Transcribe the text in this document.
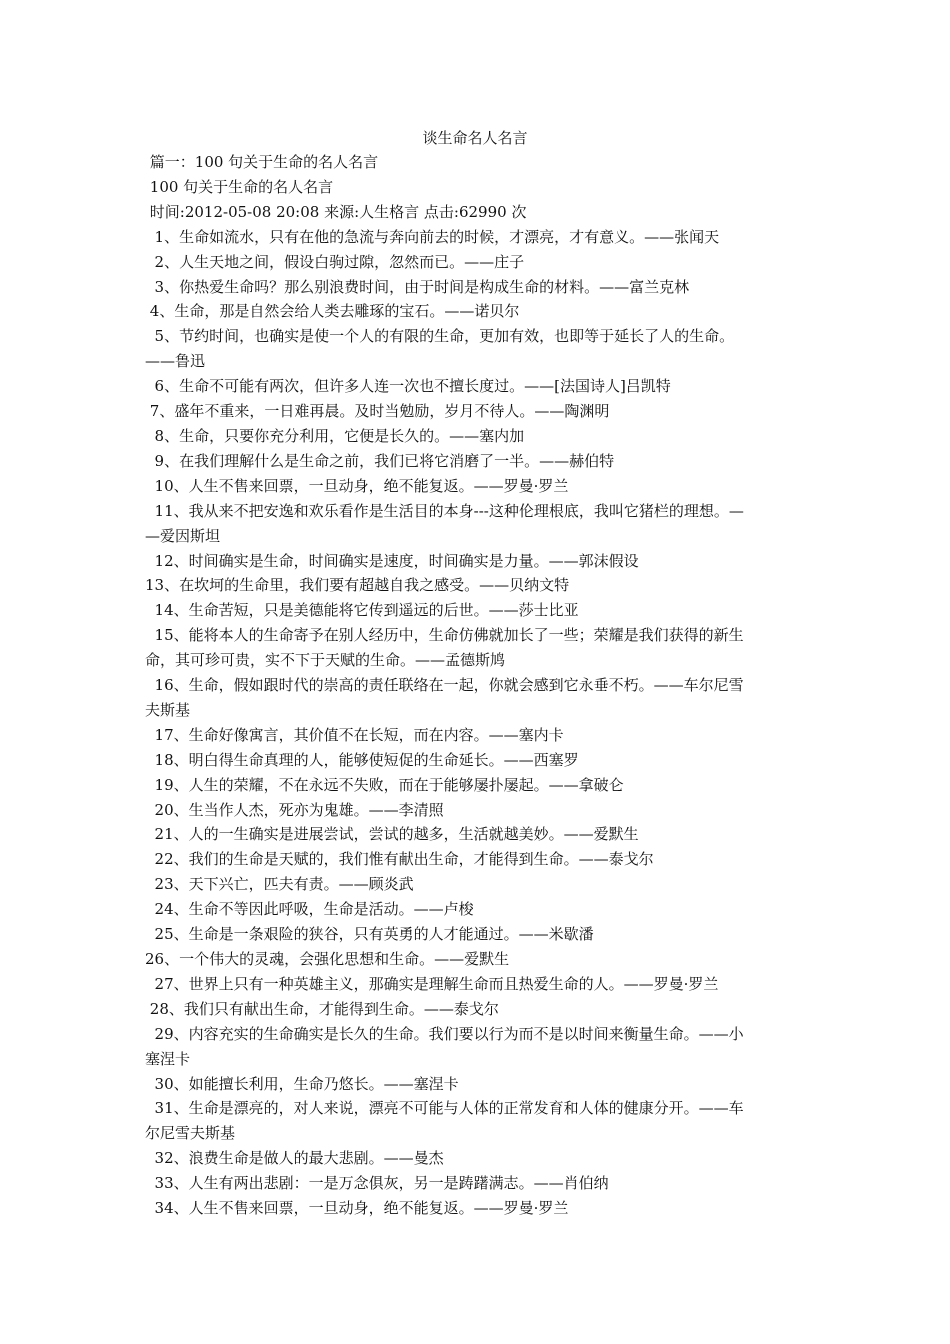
谈生命名人名言
篇一：100 句关于生命的名人名言
100 句关于生命的名人名言
时间:2012-05-08 20:08 来源:人生格言 点击:62990 次
1、生命如流水，只有在他的急流与奔向前去的时候，才漂亮，才有意义。——张闻天
2、人生天地之间，假设白驹过隙，忽然而已。——庄子
3、你热爱生命吗？那么别浪费时间，由于时间是构成生命的材料。——富兰克林
4、生命，那是自然会给人类去雕琢的宝石。——诺贝尔
5、节约时间，也确实是使一个人的有限的生命，更加有效，也即等于延长了人的生命。
——鲁迅
6、生命不可能有两次，但许多人连一次也不擅长度过。——[法国诗人]吕凯特
7、盛年不重来，一日难再晨。及时当勉励，岁月不待人。——陶渊明
8、生命，只要你充分利用，它便是长久的。——塞内加
9、在我们理解什么是生命之前，我们已将它消磨了一半。——赫伯特
10、人生不售来回票，一旦动身，绝不能复返。——罗曼·罗兰
11、我从来不把安逸和欢乐看作是生活目的本身---这种伦理根底，我叫它猪栏的理想。—
—爱因斯坦
12、时间确实是生命，时间确实是速度，时间确实是力量。——郭沫假设
13、在坎坷的生命里，我们要有超越自我之感受。——贝纳文特
14、生命苦短，只是美德能将它传到遥远的后世。——莎士比亚
15、能将本人的生命寄予在别人经历中，生命仿佛就加长了一些；荣耀是我们获得的新生
命，其可珍可贵，实不下于天赋的生命。——孟德斯鸠
16、生命，假如跟时代的崇高的责任联络在一起，你就会感到它永垂不朽。——车尔尼雪
夫斯基
17、生命好像寓言，其价值不在长短，而在内容。——塞内卡
18、明白得生命真理的人，能够使短促的生命延长。——西塞罗
19、人生的荣耀，不在永远不失败，而在于能够屡扑屡起。——拿破仑
20、生当作人杰，死亦为鬼雄。——李清照
21、人的一生确实是进展尝试，尝试的越多，生活就越美妙。——爱默生
22、我们的生命是天赋的，我们惟有献出生命，才能得到生命。——泰戈尔
23、天下兴亡，匹夫有责。——顾炎武
24、生命不等因此呼吸，生命是活动。——卢梭
25、生命是一条艰险的狭谷，只有英勇的人才能通过。——米歇潘
26、一个伟大的灵魂，会强化思想和生命。——爱默生
27、世界上只有一种英雄主义，那确实是理解生命而且热爱生命的人。——罗曼·罗兰
28、我们只有献出生命，才能得到生命。——泰戈尔
29、内容充实的生命确实是长久的生命。我们要以行为而不是以时间来衡量生命。——小
塞涅卡
30、如能擅长利用，生命乃悠长。——塞涅卡
31、生命是漂亮的，对人来说，漂亮不可能与人体的正常发育和人体的健康分开。——车
尔尼雪夫斯基
32、浪费生命是做人的最大悲剧。——曼杰
33、人生有两出悲剧：一是万念俱灰，另一是踌躇满志。——肖伯纳
34、人生不售来回票，一旦动身，绝不能复返。——罗曼·罗兰
